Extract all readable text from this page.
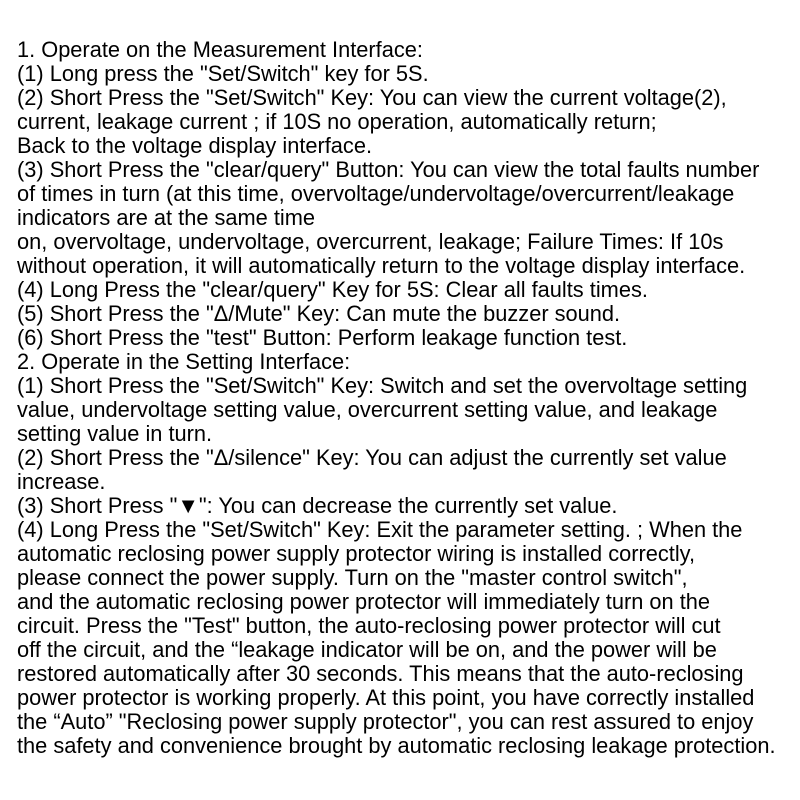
1. Operate on the Measurement Interface:
(1) Long press the "Set/Switch" key for 5S.
(2) Short Press the "Set/Switch" Key: You can view the current voltage(2),
current, leakage current ; if 10S no operation, automatically return;
Back to the voltage display interface.
(3) Short Press the "clear/query" Button: You can view the total faults number
of times in turn (at this time, overvoltage/undervoltage/overcurrent/leakage
indicators are at the same time
on, overvoltage, undervoltage, overcurrent, leakage; Failure Times: If 10s
without operation, it will automatically return to the voltage display interface.
(4) Long Press the "clear/query" Key for 5S: Clear all faults times.
(5) Short Press the "Δ/Mute" Key: Can mute the buzzer sound.
(6) Short Press the "test" Button: Perform leakage function test.
2. Operate in the Setting Interface:
(1) Short Press the "Set/Switch" Key: Switch and set the overvoltage setting
value, undervoltage setting value, overcurrent setting value, and leakage
setting value in turn.
(2) Short Press the "Δ/silence" Key: You can adjust the currently set value
increase.
(3) Short Press "▼": You can decrease the currently set value.
(4) Long Press the "Set/Switch" Key: Exit the parameter setting. ; When the
automatic reclosing power supply protector wiring is installed correctly,
please connect the power supply. Turn on the "master control switch",
and the automatic reclosing power protector will immediately turn on the
circuit. Press the "Test" button, the auto-reclosing power protector will cut
off the circuit, and the “leakage indicator will be on, and the power will be
restored automatically after 30 seconds. This means that the auto-reclosing
power protector is working properly. At this point, you have correctly installed
the “Auto” "Reclosing power supply protector", you can rest assured to enjoy
the safety and convenience brought by automatic reclosing leakage protection.
